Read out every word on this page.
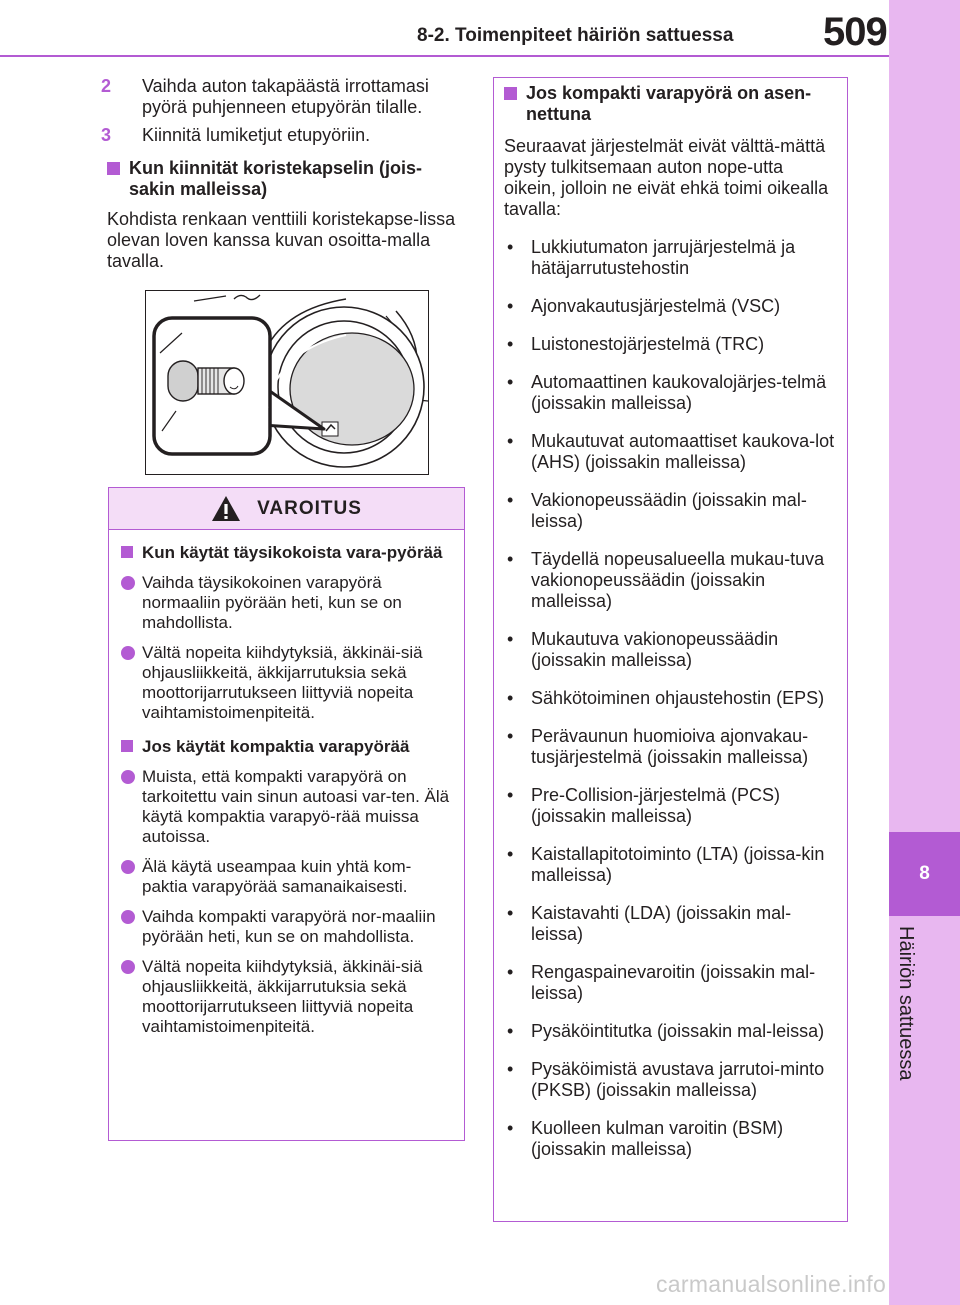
8
Häiriön sattuessa
8-2. Toimenpiteet häiriön sattuessa 509
2 Vaihda auton takapäästä irrottamasi pyörä puhjenneen etupyörän tilalle.
3 Kiinnitä lumiketjut etupyöriin.
Kun kiinnität koristekapselin (jois-sakin malleissa)
Kohdista renkaan venttiili koristekapse-lissa olevan loven kanssa kuvan osoitta-malla tavalla.
VAROITUS
Kun käytät täysikokoista vara-pyörää
Vaihda täysikokoinen varapyörä normaaliin pyörään heti, kun se on mahdollista.
Vältä nopeita kiihdytyksiä, äkkinäi-siä ohjausliikkeitä, äkkijarrutuksia sekä moottorijarrutukseen liittyviä nopeita vaihtamistoimenpiteitä.
Jos käytät kompaktia varapyörää
Muista, että kompakti varapyörä on tarkoitettu vain sinun autoasi var-ten. Älä käytä kompaktia varapyö-rää muissa autoissa.
Älä käytä useampaa kuin yhtä kom-paktia varapyörää samanaikaisesti.
Vaihda kompakti varapyörä nor-maaliin pyörään heti, kun se on mahdollista.
Vältä nopeita kiihdytyksiä, äkkinäi-siä ohjausliikkeitä, äkkijarrutuksia sekä moottorijarrutukseen liittyviä nopeita vaihtamistoimenpiteitä.
Jos kompakti varapyörä on asen-nettuna
Seuraavat järjestelmät eivät välttä-mättä pysty tulkitsemaan auton nope-utta oikein, jolloin ne eivät ehkä toimi oikealla tavalla:
• Lukkiutumaton jarrujärjestelmä ja hätäjarrutustehostin
• Ajonvakautusjärjestelmä (VSC)
• Luistonestojärjestelmä (TRC)
• Automaattinen kaukovalojärjes-telmä (joissakin malleissa)
• Mukautuvat automaattiset kaukova-lot (AHS) (joissakin malleissa)
• Vakionopeussäädin (joissakin mal-leissa)
• Täydellä nopeusalueella mukau-tuva vakionopeussäädin (joissakin malleissa)
• Mukautuva vakionopeussäädin (joissakin malleissa)
• Sähkötoiminen ohjaustehostin (EPS)
• Perävaunun huomioiva ajonvakau-tusjärjestelmä (joissakin malleissa)
• Pre-Collision-järjestelmä (PCS) (joissakin malleissa)
• Kaistallapitotoiminto (LTA) (joissa-kin malleissa)
• Kaistavahti (LDA) (joissakin mal-leissa)
• Rengaspainevaroitin (joissakin mal-leissa)
• Pysäköintitutka (joissakin mal-leissa)
• Pysäköimistä avustava jarrutoi-minto (PKSB) (joissakin malleissa)
• Kuolleen kulman varoitin (BSM) (joissakin malleissa)
carmanualsonline.info
